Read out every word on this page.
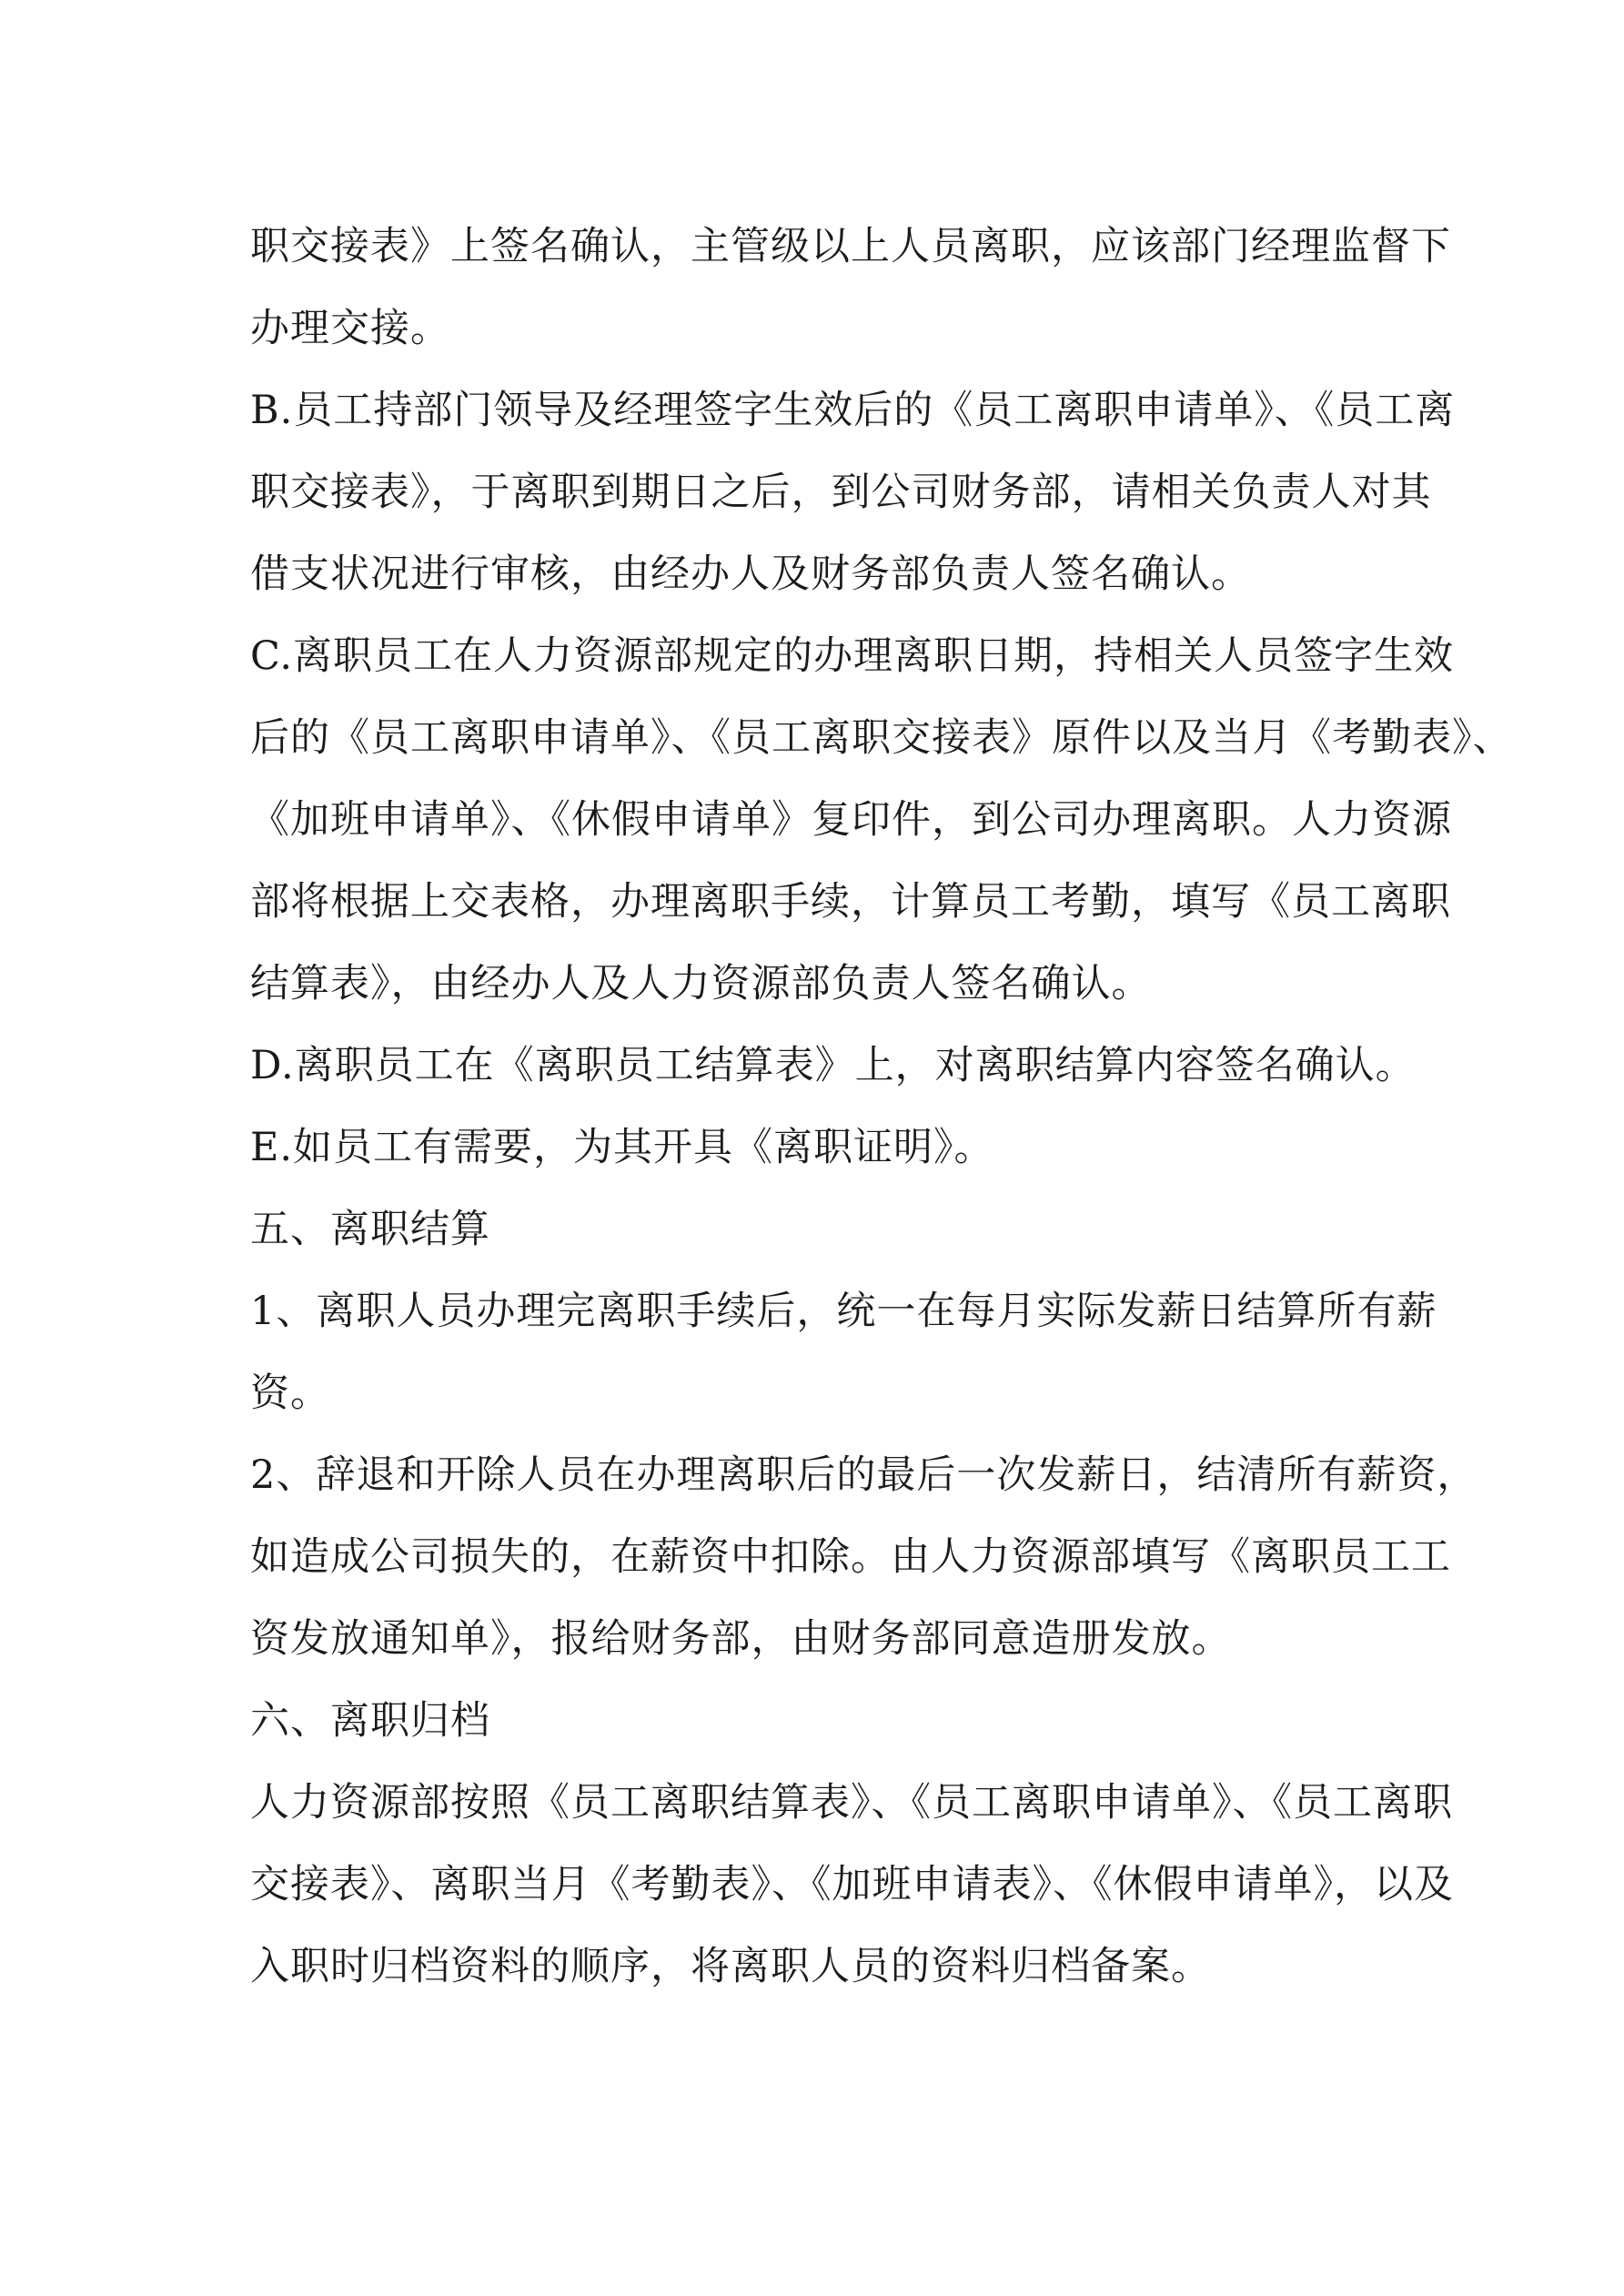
职交接表》上签名确认，主管级以上人员离职，应该部门经理监督下
办理交接。
B.员工持部门领导及经理签字生效后的《员工离职申请单》、《员工离
职交接表》，于离职到期日之后，到公司财务部，请相关负责人对其
借支状况进行审核，由经办人及财务部负责人签名确认。
C.离职员工在人力资源部规定的办理离职日期，持相关人员签字生效
后的《员工离职申请单》、《员工离职交接表》原件以及当月《考勤表》、
《加班申请单》、《休假申请单》复印件，到公司办理离职。人力资源
部将根据上交表格，办理离职手续，计算员工考勤，填写《员工离职
结算表》，由经办人及人力资源部负责人签名确认。
D.离职员工在《离职员工结算表》上，对离职结算内容签名确认。
E.如员工有需要，为其开具《离职证明》。
五、离职结算
1、离职人员办理完离职手续后，统一在每月实际发薪日结算所有薪
资。
2、辞退和开除人员在办理离职后的最后一次发薪日，结清所有薪资，
如造成公司损失的，在薪资中扣除。由人力资源部填写《离职员工工
资发放通知单》，报给财务部，由财务部同意造册发放。
六、离职归档
人力资源部按照《员工离职结算表》、《员工离职申请单》、《员工离职
交接表》、离职当月《考勤表》、《加班申请表》、《休假申请单》，以及
入职时归档资料的顺序，将离职人员的资料归档备案。
